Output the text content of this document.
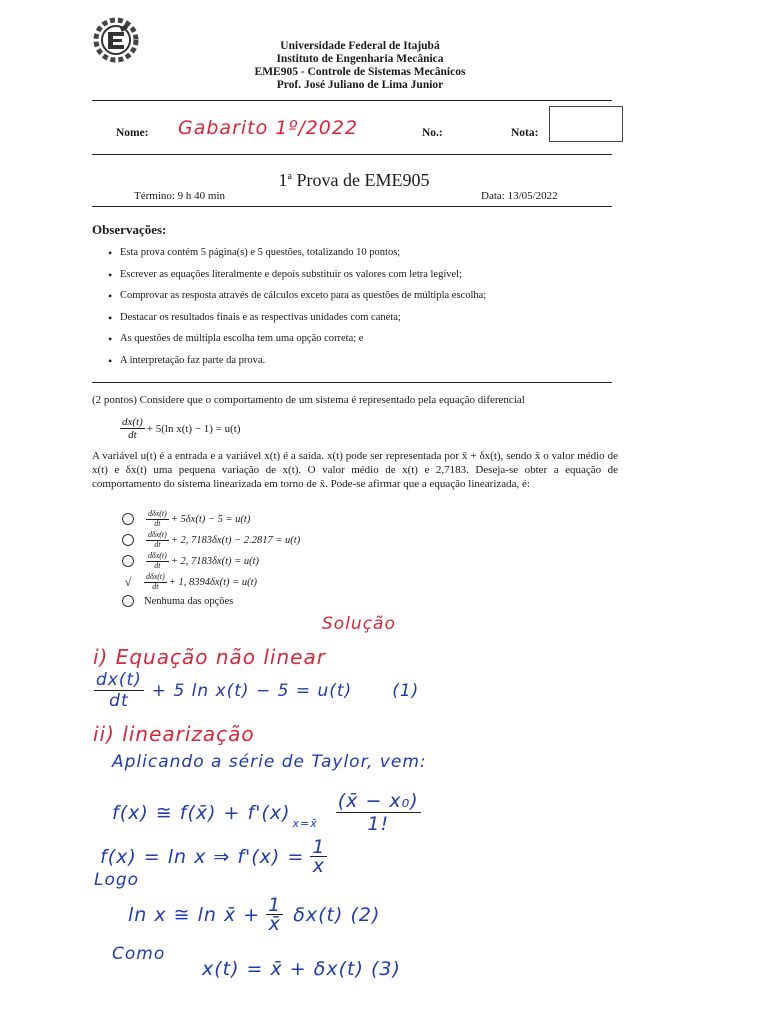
Universidade Federal de Itajubá
Instituto de Engenharia Mecânica
EME905 - Controle de Sistemas Mecânicos
Prof. José Juliano de Lima Junior
Nome: Gabarito 1º/2022	No.:	Nota:
1$^a$ Prova de EME905
Término: 9 h 40 min	Data: 13/05/2022
Observações:
• Esta prova contém 5 página(s) e 5 questões, totalizando 10 pontos;
• Escrever as equações literalmente e depois substituir os valores com letra legível;
• Comprovar as resposta através de cálculos exceto para as questões de múltipla escolha;
• Destacar os resultados finais e as respectivas unidades com caneta;
• As questões de múltipla escolha tem uma opção correta; e
• A interpretação faz parte da prova.
(2 pontos) Considere que o comportamento de um sistema é representado pela equação diferencial
$\frac{dx(t)}{dt} + 5(\ln$ x(t) − 1) = u(t)
A variável u(t) é a entrada e a variável x(t) é a saída. x(t) pode ser representada por x̄ + δx(t), sendo x̄ o valor médio de x(t) e δx(t) uma pequena variação de x(t). O valor médio de x(t) e 2,7183. Deseja-se obter a equação de comportamento do sistema linearizada em torno de x̄. Pode-se afirmar que a equação linearizada, é:
$\frac{\text{dδx(t)}}{dt} + 5\delta x(t) - 5 = u(t)$
$\frac{\text{dδx(t)}}{dt} + 2$, 7183δx(t) − 2.2817 = u(t)
$\frac{\text{dδx(t)}}{dt} + 2$, 7183δx(t) = u(t)
√	$\frac{\text{dδx(t)}}{dt} + 1$, 8394δx(t) = u(t)
Nenhuma das opções
Solução
i) Equação não linear
$\frac{dx(t)}{dt} + 5$ ln x(t) − 5 = u(t) (1)
ii) linearização
Aplicando a série de Taylor, vem:
f(x) ≅ f(x̄) + f'(x) x=x̄ $\frac{\text{(x̄ − x₀)}}{1!}$
f(x) = ln x ⇒ $f'(x) = \frac{1}{x}$
Logo
ln x ≅ ln x̄ + $\frac{1}{x̄} \delta x(t)$ (2)
Como
x(t) = x̄ + δx(t) (3)
